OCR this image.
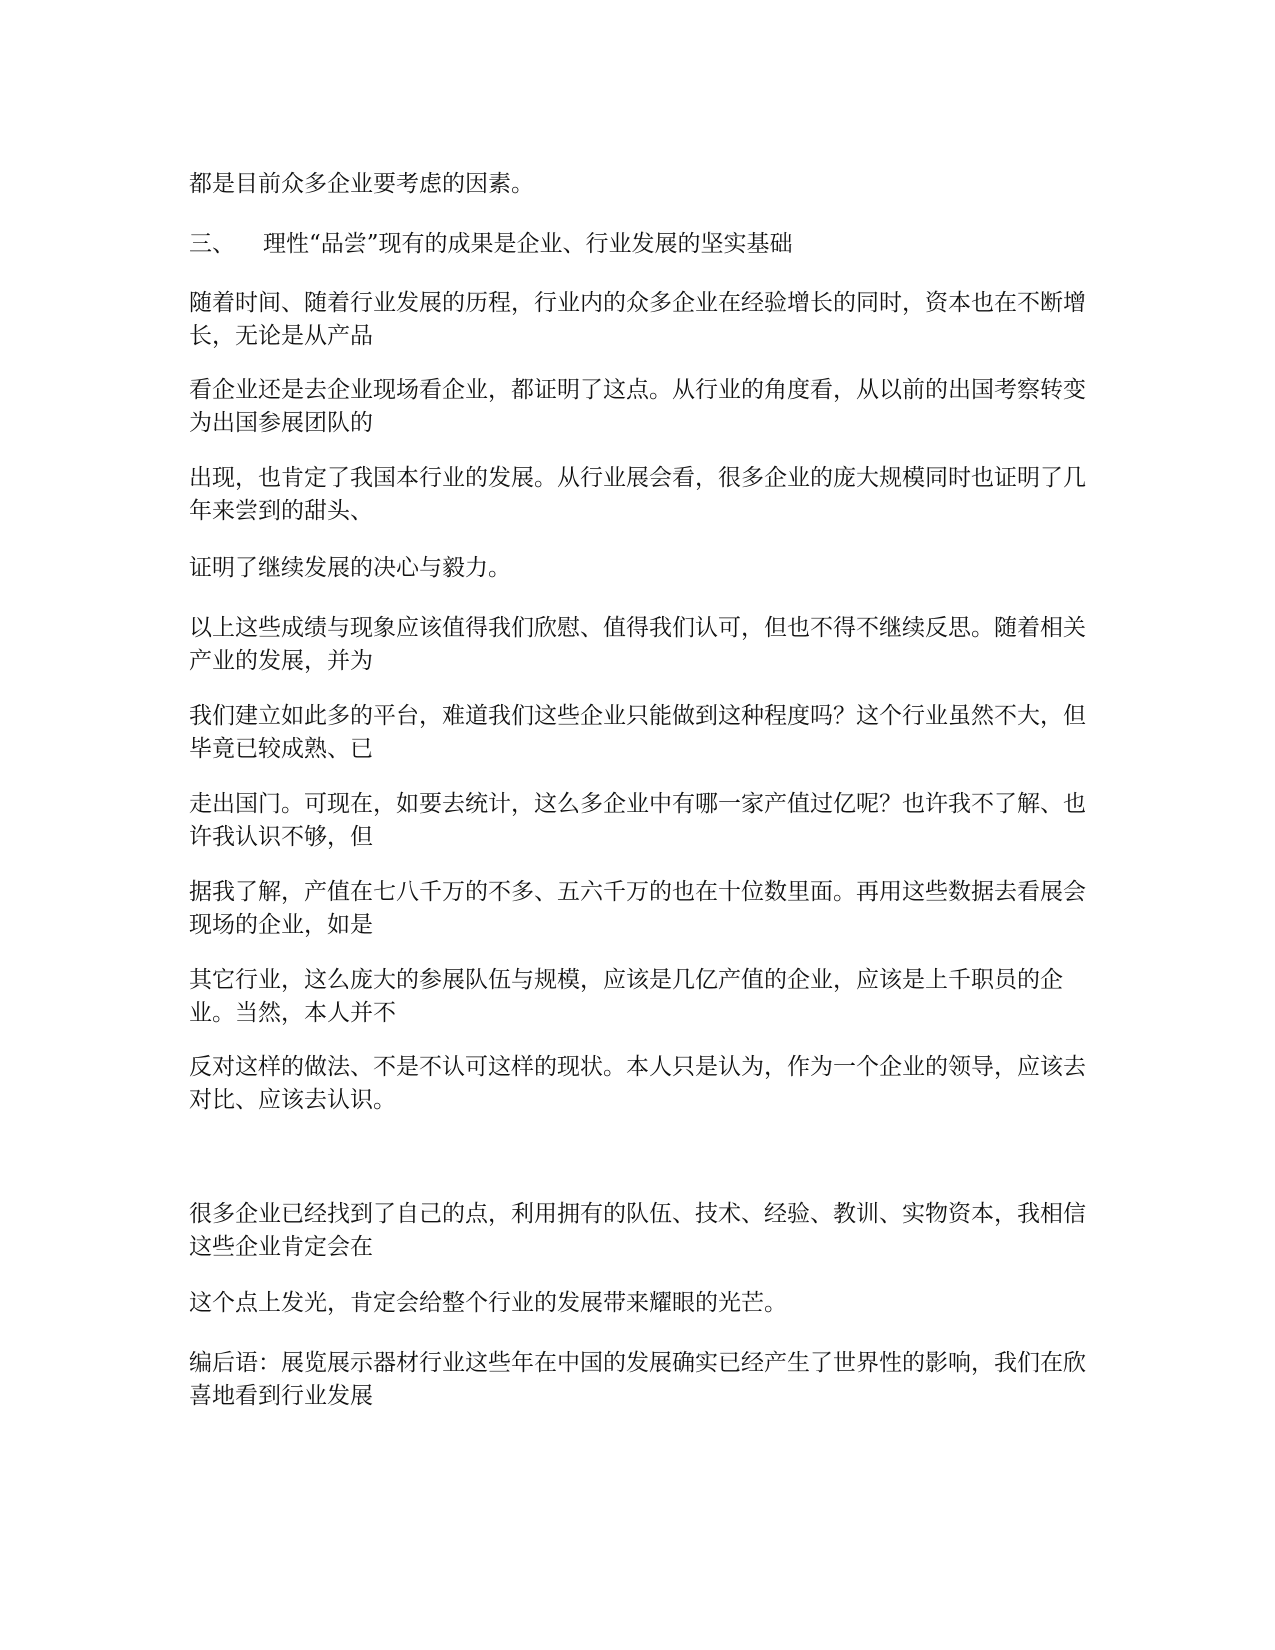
都是目前众多企业要考虑的因素。

三、 理性“品尝”现有的成果是企业、行业发展的坚实基础

随着时间、随着行业发展的历程，行业内的众多企业在经验增长的同时，资本也在不断增长，无论是从产品

看企业还是去企业现场看企业，都证明了这点。从行业的角度看，从以前的出国考察转变为出国参展团队的

出现，也肯定了我国本行业的发展。从行业展会看，很多企业的庞大规模同时也证明了几年来尝到的甜头、

证明了继续发展的决心与毅力。

以上这些成绩与现象应该值得我们欣慰、值得我们认可，但也不得不继续反思。随着相关产业的发展，并为

我们建立如此多的平台，难道我们这些企业只能做到这种程度吗？这个行业虽然不大，但毕竟已较成熟、已

走出国门。可现在，如要去统计，这么多企业中有哪一家产值过亿呢？也许我不了解、也许我认识不够，但

据我了解，产值在七八千万的不多、五六千万的也在十位数里面。再用这些数据去看展会现场的企业，如是

其它行业，这么庞大的参展队伍与规模，应该是几亿产值的企业，应该是上千职员的企业。当然，本人并不

反对这样的做法、不是不认可这样的现状。本人只是认为，作为一个企业的领导，应该去对比、应该去认识。

很多企业已经找到了自己的点，利用拥有的队伍、技术、经验、教训、实物资本，我相信这些企业肯定会在

这个点上发光，肯定会给整个行业的发展带来耀眼的光芒。

编后语：展览展示器材行业这些年在中国的发展确实已经产生了世界性的影响，我们在欣喜地看到行业发展
